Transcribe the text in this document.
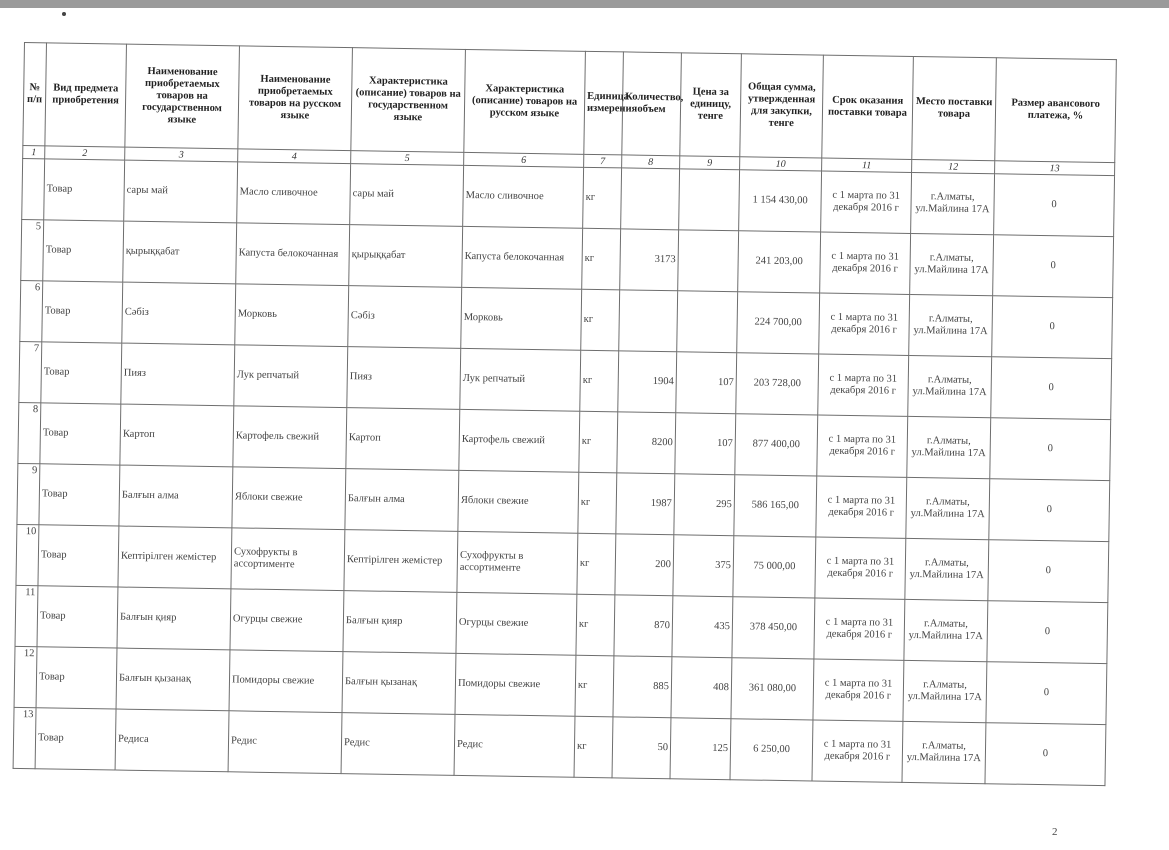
№ п/п	Вид предмета приобретения	Наименование приобретаемых товаров на государственном языке	Наименование приобретаемых товаров на русском языке	Характеристика (описание) товаров на государственном языке	Характеристика (описание) товаров на русском языке	Единица измерения	Количество, объем	Цена за единицу, тенге	Общая сумма, утвержденная для закупки, тенге	Срок оказания поставки товара	Место поставки товара	Размер авансового платежа, %
1	2	3	4	5	6	7	8	9	10	11	12	13
	Товар	сары май	Масло сливочное	сары май	Масло сливочное	кг			1 154 430,00	с 1 марта по 31 декабря 2016 г	г.Алматы, ул.Майлина 17А	0
5	Товар	қырыққабат	Капуста белокочанная	қырыққабат	Капуста белокочанная	кг	3173		241 203,00	с 1 марта по 31 декабря 2016 г	г.Алматы, ул.Майлина 17А	0
6	Товар	Сәбіз	Морковь	Сәбіз	Морковь	кг			224 700,00	с 1 марта по 31 декабря 2016 г	г.Алматы, ул.Майлина 17А	0
7	Товар	Пияз	Лук репчатый	Пияз	Лук репчатый	кг	1904	107	203 728,00	с 1 марта по 31 декабря 2016 г	г.Алматы, ул.Майлина 17А	0
8	Товар	Картоп	Картофель свежий	Картоп	Картофель свежий	кг	8200	107	877 400,00	с 1 марта по 31 декабря 2016 г	г.Алматы, ул.Майлина 17А	0
9	Товар	Балғын алма	Яблоки свежие	Балғын алма	Яблоки свежие	кг	1987	295	586 165,00	с 1 марта по 31 декабря 2016 г	г.Алматы, ул.Майлина 17А	0
10	Товар	Кептірілген жемістер	Сухофрукты в ассортименте	Кептірілген жемістер	Сухофрукты в ассортименте	кг	200	375	75 000,00	с 1 марта по 31 декабря 2016 г	г.Алматы, ул.Майлина 17А	0
11	Товар	Балғын қияр	Огурцы свежие	Балғын қияр	Огурцы свежие	кг	870	435	378 450,00	с 1 марта по 31 декабря 2016 г	г.Алматы, ул.Майлина 17А	0
12	Товар	Балғын қызанақ	Помидоры свежие	Балғын қызанақ	Помидоры свежие	кг	885	408	361 080,00	с 1 марта по 31 декабря 2016 г	г.Алматы, ул.Майлина 17А	0
13	Товар	Редиса	Редис	Редис	Редис	кг	50	125	6 250,00	с 1 марта по 31 декабря 2016 г	г.Алматы, ул.Майлина 17А	0
2
